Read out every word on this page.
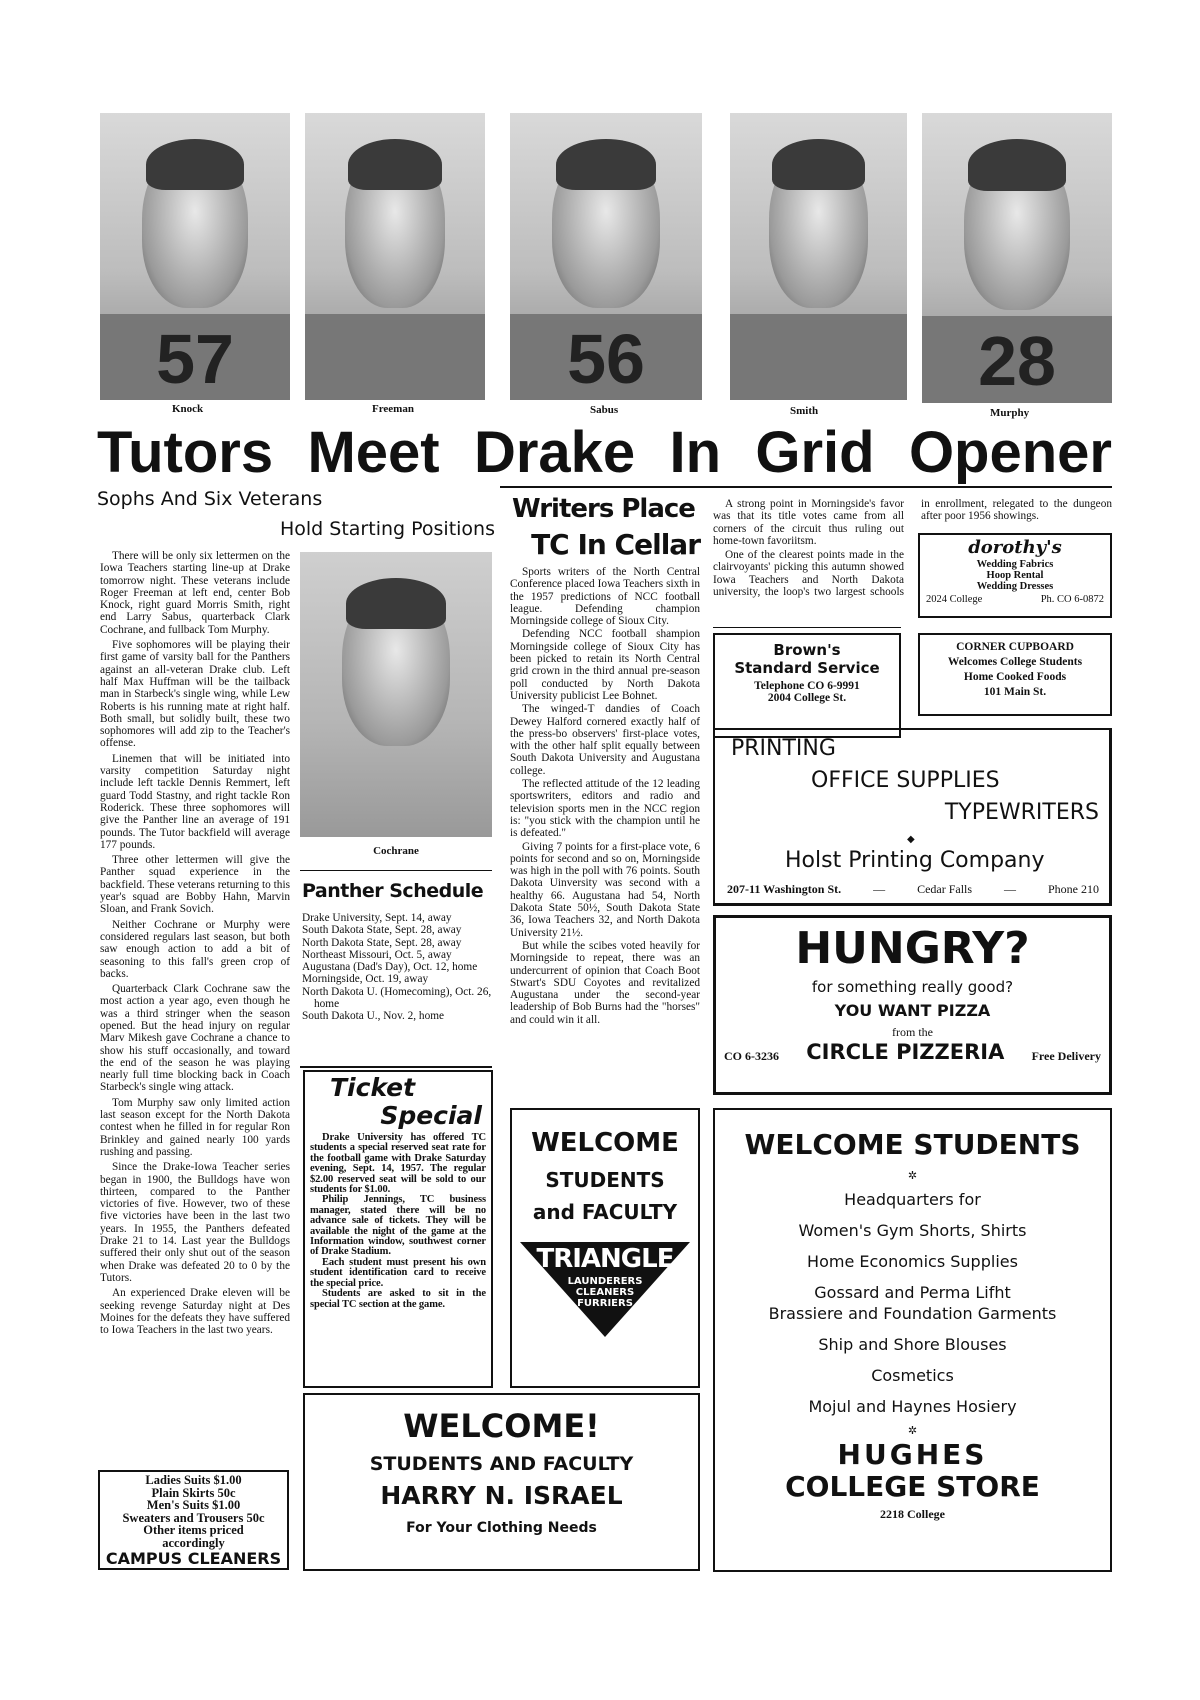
57	56	28
Knock	Freeman	Sabus	Smith	Murphy
Tutors Meet Drake In Grid Opener
Sophs And Six Veterans
Hold Starting Positions

There will be only six lettermen on the Iowa Teachers starting line-up at Drake tomorrow night. These veterans include Roger Freeman at left end, center Bob Knock, right guard Morris Smith, right end Larry Sabus, quarterback Clark Cochrane, and fullback Tom Murphy.

Five sophomores will be playing their first game of varsity ball for the Panthers against an all-veteran Drake club. Left half Max Huffman will be the tailback man in Starbeck's single wing, while Lew Roberts is his running mate at right half. Both small, but solidly built, these two sophomores will add zip to the Teacher's offense.

Linemen that will be initiated into varsity competition Saturday night include left tackle Dennis Remmert, left guard Todd Stastny, and right tackle Ron Roderick. These three sophomores will give the Panther line an average of 191 pounds. The Tutor backfield will average 177 pounds.

Three other lettermen will give the Panther squad experience in the backfield. These veterans returning to this year's squad are Bobby Hahn, Marvin Sloan, and Frank Sovich.

Neither Cochrane or Murphy were considered regulars last season, but both saw enough action to add a bit of seasoning to this fall's green crop of backs.

Quarterback Clark Cochrane saw the most action a year ago, even though he was a third stringer when the season opened. But the head injury on regular Marv Mikesh gave Cochrane a chance to show his stuff occasionally, and toward the end of the season he was playing nearly full time blocking back in Coach Starbeck's single wing attack.

Tom Murphy saw only limited action last season except for the North Dakota contest when he filled in for regular Ron Brinkley and gained nearly 100 yards rushing and passing.

Since the Drake-Iowa Teacher series began in 1900, the Bulldogs have won thirteen, compared to the Panther victories of five. However, two of these five victories have been in the last two years. In 1955, the Panthers defeated Drake 21 to 14. Last year the Bulldogs suffered their only shut out of the season when Drake was defeated 20 to 0 by the Tutors.

An experienced Drake eleven will be seeking revenge Saturday night at Des Moines for the defeats they have suffered to Iowa Teachers in the last two years.

Cochrane
Panther Schedule
Drake University, Sept. 14, away
South Dakota State, Sept. 28, away
North Dakota State, Sept. 28, away
Northeast Missouri, Oct. 5, away
Augustana (Dad's Day), Oct. 12, home
Morningside, Oct. 19, away
North Dakota U. (Homecoming), Oct. 26, home
South Dakota U., Nov. 2, home
Ticket
Special

Drake University has offered TC students a special reserved seat rate for the football game with Drake Saturday evening, Sept. 14, 1957. The regular $2.00 reserved seat will be sold to our students for $1.00.

Philip Jennings, TC business manager, stated there will be no advance sale of tickets. They will be available the night of the game at the Information window, southwest corner of Drake Stadium.

Each student must present his own student identification card to receive the special price.

Students are asked to sit in the special TC section at the game.

Writers Place
TC In Cellar

Sports writers of the North Central Conference placed Iowa Teachers sixth in the 1957 predictions of NCC football league. Defending champion Morningside college of Sioux City.

Defending NCC football shampion Morningside college of Sioux City has been picked to retain its North Central grid crown in the third annual pre-season poll conducted by North Dakota University publicist Lee Bohnet.

The winged-T dandies of Coach Dewey Halford cornered exactly half of the press-bo observers' first-place votes, with the other half split equally between South Dakota University and Augustana college.

The reflected attitude of the 12 leading sportswriters, editors and radio and television sports men in the NCC region is: "you stick with the champion until he is defeated."

Giving 7 points for a first-place vote, 6 points for second and so on, Morningside was high in the poll with 76 points. South Dakota Uinversity was second with a healthy 66. Augustana had 54, North Dakota State 50½, South Dakota State 36, Iowa Teachers 32, and North Dakota University 21½.

But while the scibes voted heavily for Morningside to repeat, there was an undercurrent of opinion that Coach Boot Stwart's SDU Coyotes and revitalized Augustana under the second-year leadership of Bob Burns had the "horses" and could win it all.

A strong point in Morningside's favor was that its title votes came from all corners of the circuit thus ruling out home-town favoriitsm.

One of the clearest points made in the clairvoyants' picking this autumn showed Iowa Teachers and North Dakota university, the loop's two largest schools in enrollment, relegated to the dungeon after poor 1956 showings.

WELCOME
STUDENTS
and FACULTY
TRIANGLE
LAUNDERERS
CLEANERS
FURRIERS
dorothy's
Wedding Fabrics
Hoop Rental
Wedding Dresses
2024 College	Ph. CO 6-0872
Brown's
Standard Service
Telephone CO 6-9991
2004 College St.
CORNER CUPBOARD
Welcomes College Students
Home Cooked Foods
101 Main St.
PRINTING
OFFICE SUPPLIES
TYPEWRITERS
◆
Holst Printing Company
207-11 Washington St.	—	Cedar Falls	—	Phone 210
HUNGRY?
for something really good?
YOU WANT PIZZA
from the
CO 6-3236 CIRCLE PIZZERIA Free Delivery
WELCOME STUDENTS
✲
Headquarters for
Women's Gym Shorts, Shirts
Home Economics Supplies
Gossard and Perma Lifht
Brassiere and Foundation Garments
Ship and Shore Blouses
Cosmetics
Mojul and Haynes Hosiery
✲
HUGHES
COLLEGE STORE
2218 College
WELCOME!
STUDENTS AND FACULTY
HARRY N. ISRAEL
For Your Clothing Needs
Ladies Suits $1.00
Plain Skirts 50c
Men's Suits $1.00
Sweaters and Trousers 50c
Other items priced
accordingly
CAMPUS CLEANERS
